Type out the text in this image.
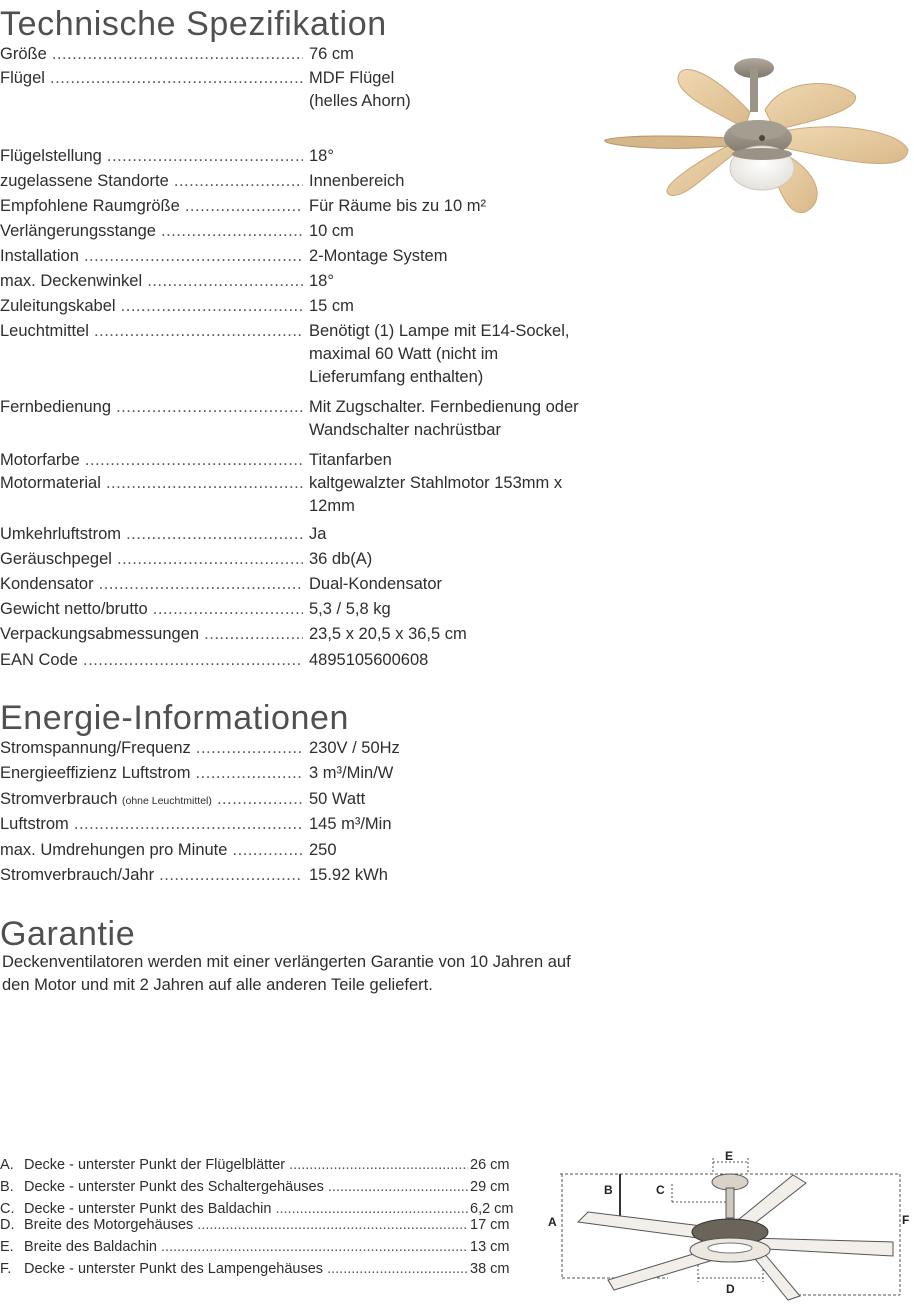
Technische Spezifikation
Größe .....	76 cm
Flügel .....	MDF Flügel
(helles Ahorn)
Flügelstellung .....	18°
zugelassene Standorte .....	Innenbereich
Empfohlene Raumgröße .....	Für Räume bis zu 10 m²
Verlängerungsstange .....	10 cm
Installation .....	2-Montage System
max. Deckenwinkel .....	18°
Zuleitungskabel .....	15 cm
Leuchtmittel .....	Benötigt (1) Lampe mit E14-Sockel,
maximal 60 Watt (nicht im
Lieferumfang enthalten)
Fernbedienung .....	Mit Zugschalter. Fernbedienung oder
Wandschalter nachrüstbar
Motorfarbe .....	Titanfarben
Motormaterial .....	kaltgewalzter Stahlmotor 153mm x
12mm
Umkehrluftstrom .....	Ja
Geräuschpegel .....	36 db(A)
Kondensator .....	Dual-Kondensator
Gewicht netto/brutto .....	5,3 / 5,8 kg
Verpackungsabmessungen .....	23,5 x 20,5 x 36,5 cm
EAN Code .....	4895105600608
Energie-Informationen
Stromspannung/Frequenz .....	230V / 50Hz
Energieeffizienz Luftstrom .....	3 m³/Min/W
Stromverbrauch (ohne Leuchtmittel) .....	50 Watt
Luftstrom .....	145 m³/Min
max. Umdrehungen pro Minute .....	250
Stromverbrauch/Jahr .....	15.92 kWh
Garantie

Deckenventilatoren werden mit einer verlängerten Garantie von 10 Jahren auf den Motor und mit 2 Jahren auf alle anderen Teile geliefert.

A. Decke - unterster Punkt der Flügelblätter .....	26 cm
B. Decke - unterster Punkt des Schaltergehäuses .....	29 cm
C. Decke - unterster Punkt des Baldachin .....	6,2 cm
D. Breite des Motorgehäuses .....	17 cm
E. Breite des Baldachin .....	13 cm
F. Decke - unterster Punkt des Lampengehäuses .....	38 cm
A
B	C
D
E
F
